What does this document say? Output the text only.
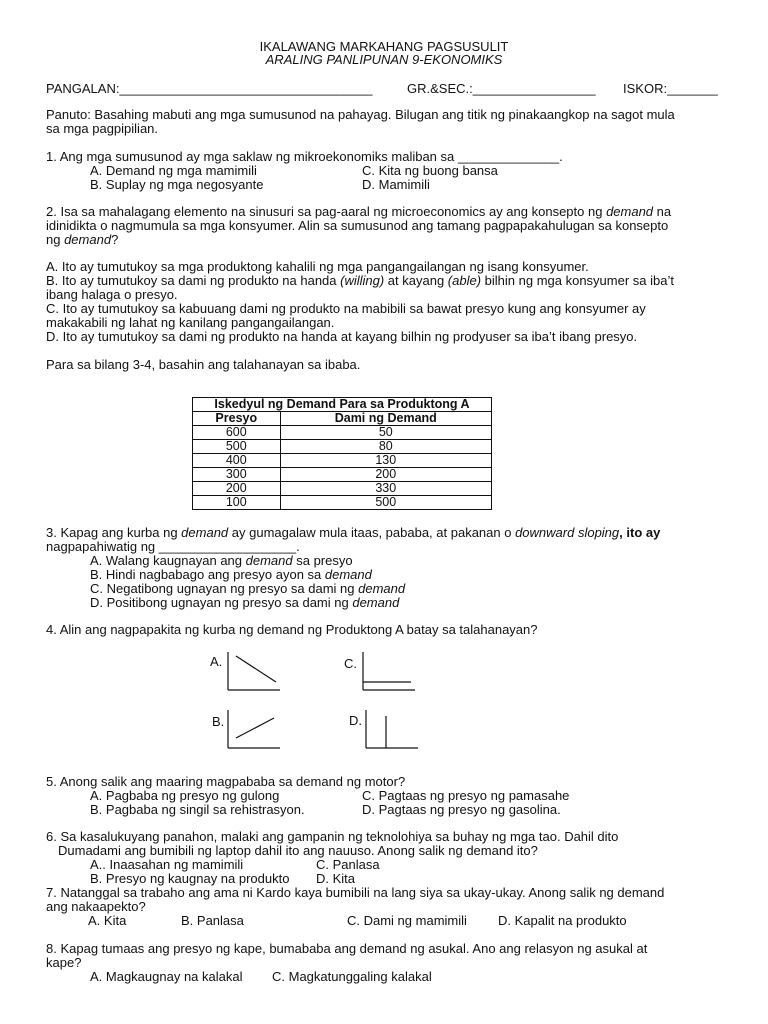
IKALAWANG MARKAHANG PAGSUSULIT
ARALING PANLIPUNAN 9-EKONOMIKS
PANGALAN:___________________________________	GR.&SEC.:_________________ ISKOR:_______
Panuto: Basahing mabuti ang mga sumusunod na pahayag. Bilugan ang titik ng pinakaangkop na sagot mula
sa mga pagpipilian.
1. Ang mga sumusunod ay mga saklaw ng mikroekonomiks maliban sa ______________.
A. Demand ng mga mamimili	C. Kita ng buong bansa
B. Suplay ng mga negosyante	D. Mamimili
2. Isa sa mahalagang elemento na sinusuri sa pag-aaral ng microeconomics ay ang konsepto ng demand na
idinidikta o nagmumula sa mga konsyumer. Alin sa sumusunod ang tamang pagpapakahulugan sa konsepto
ng demand?
A. Ito ay tumutukoy sa mga produktong kahalili ng mga pangangailangan ng isang konsyumer.
B. Ito ay tumutukoy sa dami ng produkto na handa (willing) at kayang (able) bilhin ng mga konsyumer sa iba’t
ibang halaga o presyo.
C. Ito ay tumutukoy sa kabuuang dami ng produkto na mabibili sa bawat presyo kung ang konsyumer ay
makakabili ng lahat ng kanilang pangangailangan.
D. Ito ay tumutukoy sa dami ng produkto na handa at kayang bilhin ng prodyuser sa iba’t ibang presyo.
Para sa bilang 3-4, basahin ang talahanayan sa ibaba.
Iskedyul ng Demand Para sa Produktong A	
Presyo	Dami ng Demand
600	50
500	80
400	130
300	200
200	330
100	500
3. Kapag ang kurba ng demand ay gumagalaw mula itaas, pababa, at pakanan o downward sloping, ito ay
nagpapahiwatig ng ___________________.
A. Walang kaugnayan ang demand sa presyo
B. Hindi nagbabago ang presyo ayon sa demand
C. Negatibong ugnayan ng presyo sa dami ng demand
D. Positibong ugnayan ng presyo sa dami ng demand
4. Alin ang nagpapakita ng kurba ng demand ng Produktong A batay sa talahanayan?
A.	C.
B.	D.
5. Anong salik ang maaring magpababa sa demand ng motor?
A. Pagbaba ng presyo ng gulong	C. Pagtaas ng presyo ng pamasahe
B. Pagbaba ng singil sa rehistrasyon.	D. Pagtaas ng presyo ng gasolina.
6. Sa kasalukuyang panahon, malaki ang gampanin ng teknolohiya sa buhay ng mga tao. Dahil dito
Dumadami ang bumibili ng laptop dahil ito ang nauuso. Anong salik ng demand ito?
A.. Inaasahan ng mamimili	C. Panlasa
B. Presyo ng kaugnay na produkto D. Kita
7. Natanggal sa trabaho ang ama ni Kardo kaya bumibili na lang siya sa ukay-ukay. Anong salik ng demand
ang nakaapekto?
A. Kita	B. Panlasa	C. Dami ng mamimili D. Kapalit na produkto
8. Kapag tumaas ang presyo ng kape, bumababa ang demand ng asukal. Ano ang relasyon ng asukal at
kape?
A. Magkaugnay na kalakal C. Magkatunggaling kalakal
